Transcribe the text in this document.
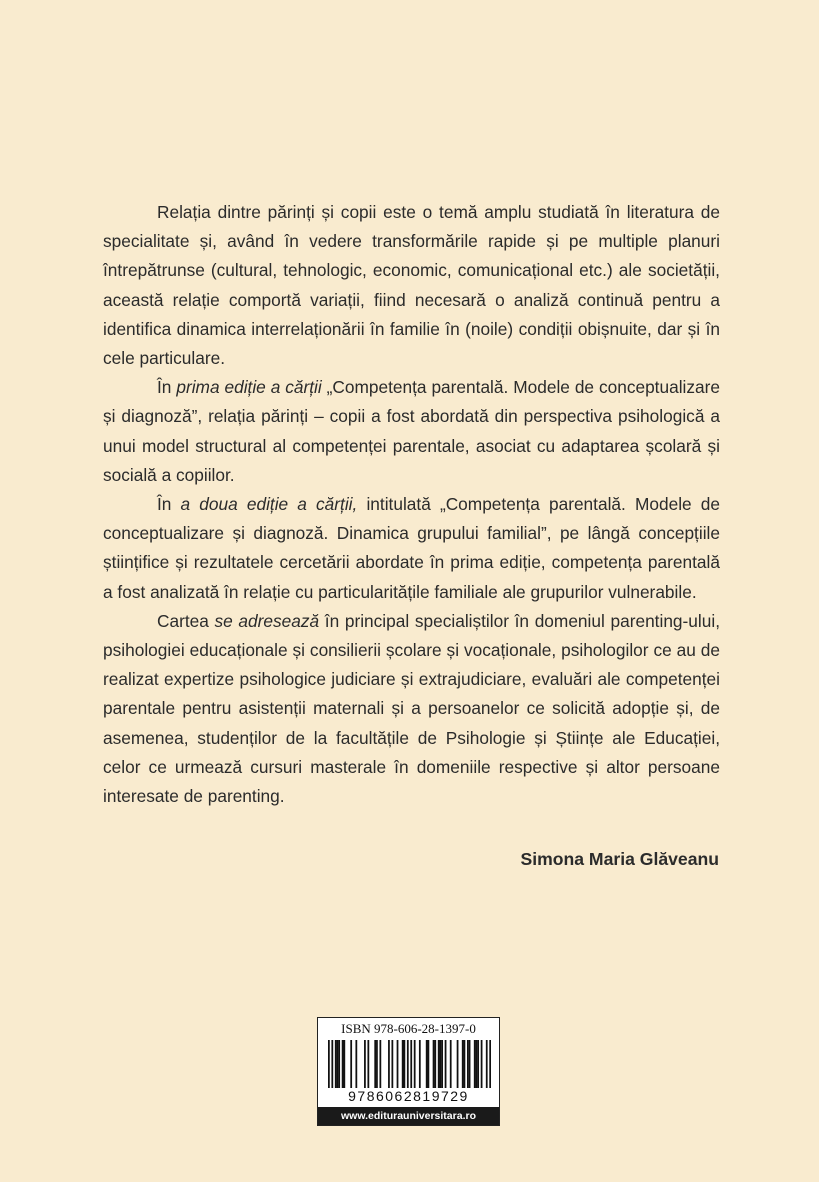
Relația dintre părinți și copii este o temă amplu studiată în literatura de specialitate și, având în vedere transformările rapide și pe multiple planuri întrepătrunse (cultural, tehnologic, economic, comunicațional etc.) ale societății, această relație comportă variații, fiind necesară o analiză continuă pentru a identifica dinamica interrelaționării în familie în (noile) condiții obișnuite, dar și în cele particulare.

În prima ediție a cărții „Competența parentală. Modele de conceptualizare și diagnoză”, relația părinți – copii a fost abordată din perspectiva psihologică a unui model structural al competenței parentale, asociat cu adaptarea școlară și socială a copiilor.

În a doua ediție a cărții, intitulată „Competența parentală. Modele de conceptualizare și diagnoză. Dinamica grupului familial”, pe lângă concepțiile științifice și rezultatele cercetării abordate în prima ediție, competența parentală a fost analizată în relație cu particularitățile familiale ale grupurilor vulnerabile.

Cartea se adresează în principal specialiștilor în domeniul parenting-ului, psihologiei educaționale și consilierii școlare și vocaționale, psihologilor ce au de realizat expertize psihologice judiciare și extrajudiciare, evaluări ale competenței parentale pentru asistenții maternali și a persoanelor ce solicită adopție și, de asemenea, studenților de la facultățile de Psihologie și Științe ale Educației, celor ce urmează cursuri masterale în domeniile respective și altor persoane interesate de parenting.

Simona Maria Glăveanu
ISBN 978-606-28-1397-0
9786062819729
www.editurauniversitara.ro
